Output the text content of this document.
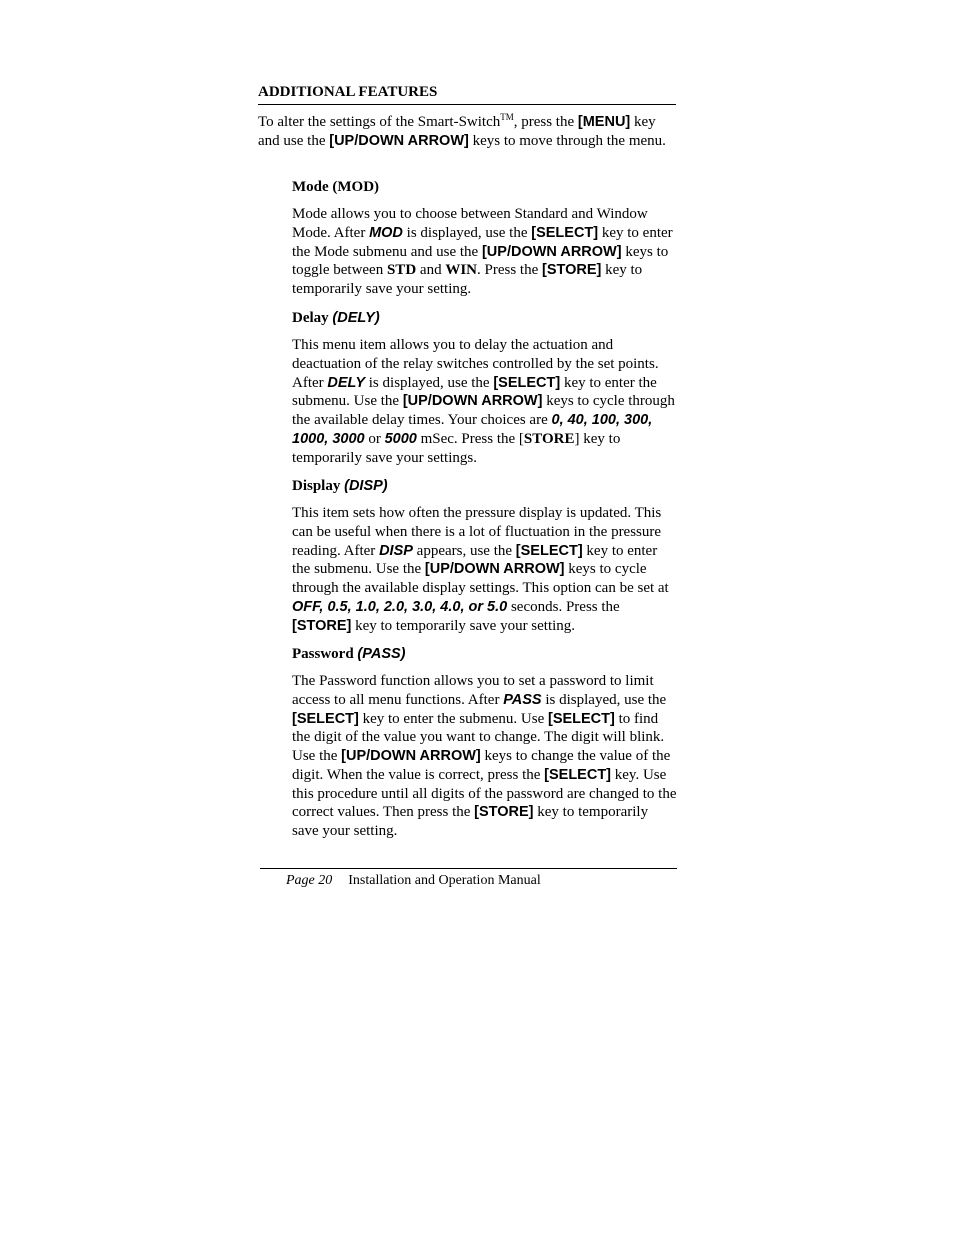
ADDITIONAL FEATURES

To alter the settings of the Smart-Switch™, press the [MENU] key and use the [UP/DOWN ARROW] keys to move through the menu.

Mode (MOD)

Mode allows you to choose between Standard and Window Mode. After MOD is displayed, use the [SELECT] key to enter the Mode submenu and use the [UP/DOWN ARROW] keys to toggle between STD and WIN. Press the [STORE] key to temporarily save your setting.

Delay (DELY)

This menu item allows you to delay the actuation and deactuation of the relay switches controlled by the set points. After DELY is displayed, use the [SELECT] key to enter the submenu. Use the [UP/DOWN ARROW] keys to cycle through the available delay times. Your choices are 0, 40, 100, 300, 1000, 3000 or 5000 mSec. Press the [STORE] key to temporarily save your settings.

Display (DISP)

This item sets how often the pressure display is updated. This can be useful when there is a lot of fluctuation in the pressure reading. After DISP appears, use the [SELECT] key to enter the submenu. Use the [UP/DOWN ARROW] keys to cycle through the available display settings. This option can be set at OFF, 0.5, 1.0, 2.0, 3.0, 4.0, or 5.0 seconds. Press the [STORE] key to temporarily save your setting.

Password (PASS)

The Password function allows you to set a password to limit access to all menu functions. After PASS is displayed, use the [SELECT] key to enter the submenu. Use [SELECT] to find the digit of the value you want to change. The digit will blink. Use the [UP/DOWN ARROW] keys to change the value of the digit. When the value is correct, press the [SELECT] key. Use this procedure until all digits of the password are changed to the correct values. Then press the [STORE] key to temporarily save your setting.

Page 20 Installation and Operation Manual
